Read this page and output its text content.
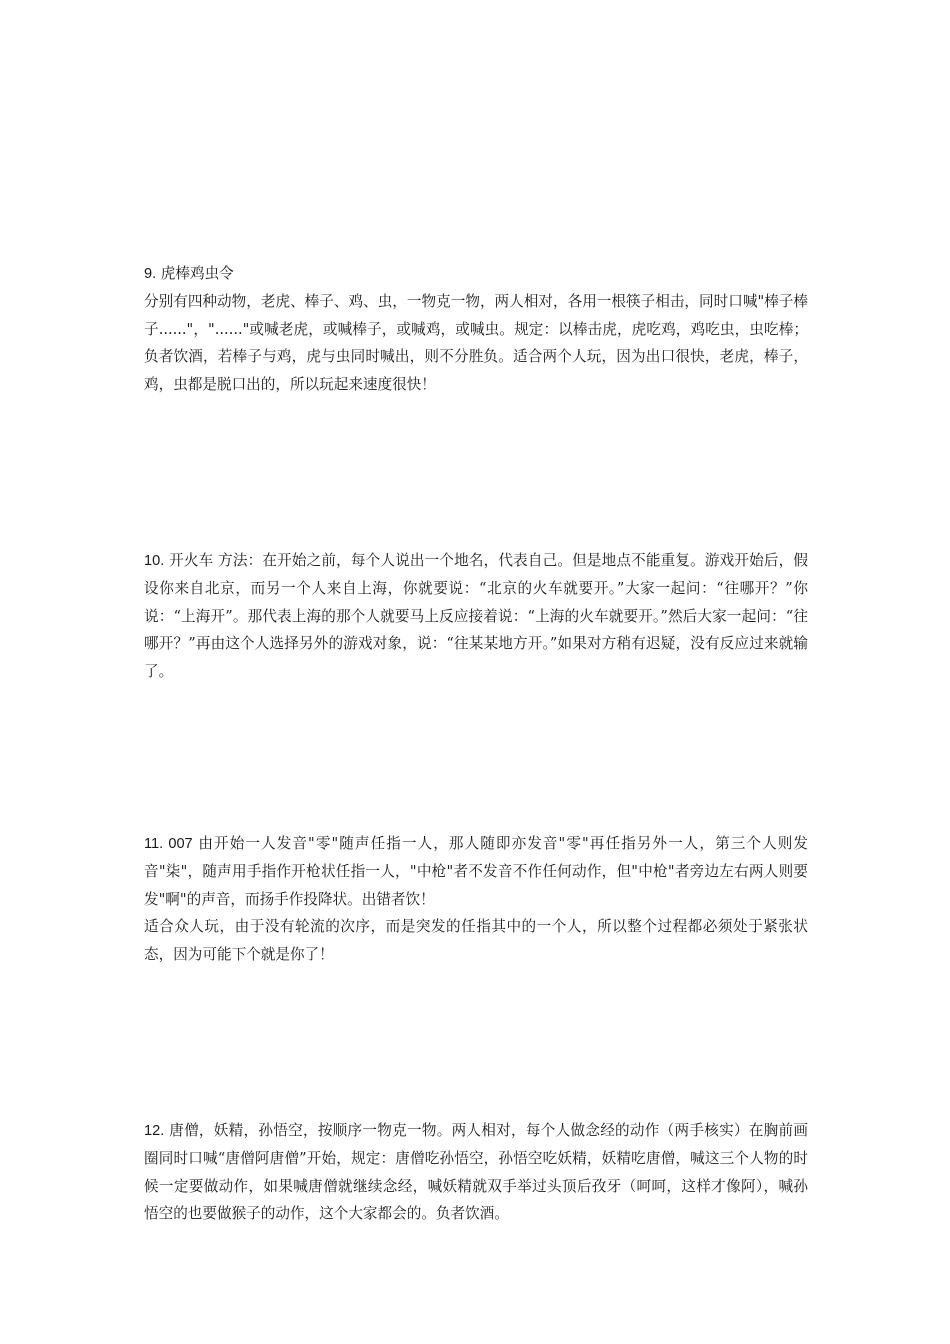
9. 虎棒鸡虫令

分别有四种动物，老虎、棒子、鸡、虫，一物克一物，两人相对，各用一根筷子相击，同时口喊"棒子棒子......"，"......"或喊老虎，或喊棒子，或喊鸡，或喊虫。规定：以棒击虎，虎吃鸡，鸡吃虫，虫吃棒；负者饮酒，若棒子与鸡，虎与虫同时喊出，则不分胜负。适合两个人玩，因为出口很快，老虎，棒子，鸡，虫都是脱口出的，所以玩起来速度很快！

10. 开火车 方法：在开始之前，每个人说出一个地名，代表自己。但是地点不能重复。游戏开始后，假设你来自北京，而另一个人来自上海，你就要说：“北京的火车就要开。”大家一起问：“往哪开？”你说：“上海开”。那代表上海的那个人就要马上反应接着说：“上海的火车就要开。”然后大家一起问：“往哪开？”再由这个人选择另外的游戏对象，说：“往某某地方开。”如果对方稍有迟疑，没有反应过来就输了。

11. 007 由开始一人发音"零"随声任指一人，那人随即亦发音"零"再任指另外一人，第三个人则发音"柒"，随声用手指作开枪状任指一人，"中枪"者不发音不作任何动作，但"中枪"者旁边左右两人则要发"啊"的声音，而扬手作投降状。出错者饮！

适合众人玩，由于没有轮流的次序，而是突发的任指其中的一个人，所以整个过程都必须处于紧张状态，因为可能下个就是你了！

12. 唐僧，妖精，孙悟空，按顺序一物克一物。两人相对，每个人做念经的动作（两手核实）在胸前画圈同时口喊“唐僧阿唐僧”开始，规定：唐僧吃孙悟空，孙悟空吃妖精，妖精吃唐僧，喊这三个人物的时候一定要做动作，如果喊唐僧就继续念经，喊妖精就双手举过头顶后孜牙（呵呵，这样才像阿），喊孙悟空的也要做猴子的动作，这个大家都会的。负者饮酒。
